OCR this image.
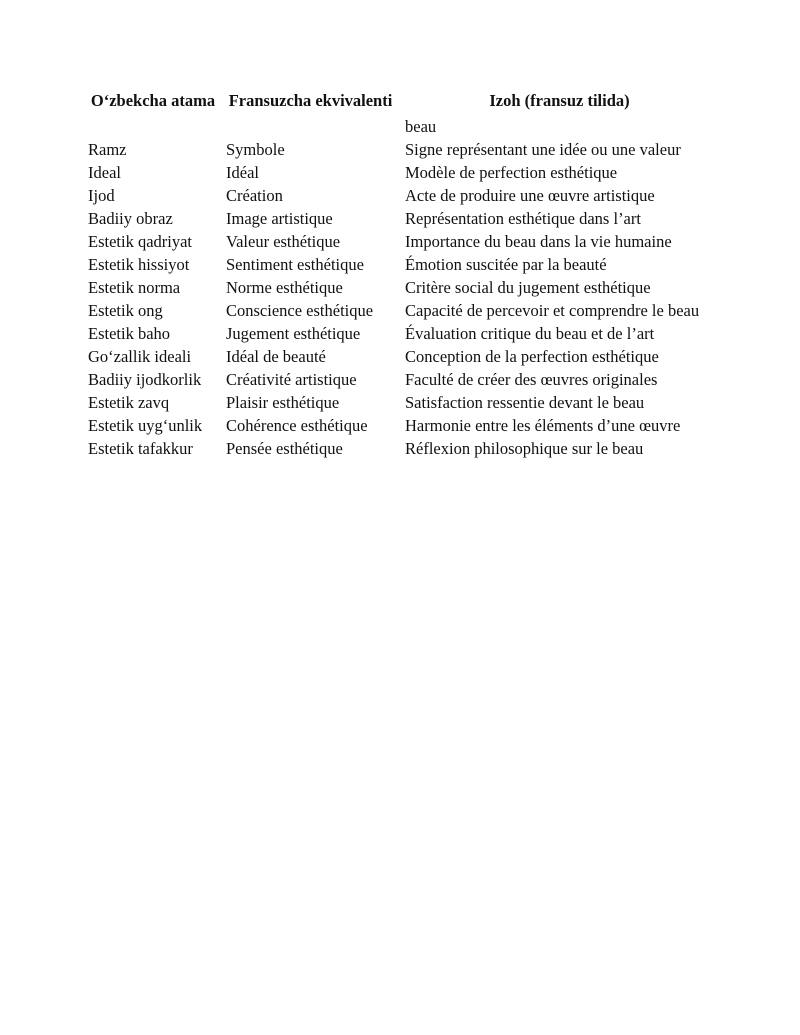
O‘zbekcha atama	Fransuzcha ekvivalenti	Izoh (fransuz tilida)
		beau
Ramz	Symbole	Signe représentant une idée ou une valeur
Ideal	Idéal	Modèle de perfection esthétique
Ijod	Création	Acte de produire une œuvre artistique
Badiiy obraz	Image artistique	Représentation esthétique dans l’art
Estetik qadriyat	Valeur esthétique	Importance du beau dans la vie humaine
Estetik hissiyot	Sentiment esthétique	Émotion suscitée par la beauté
Estetik norma	Norme esthétique	Critère social du jugement esthétique
Estetik ong	Conscience esthétique	Capacité de percevoir et comprendre le beau
Estetik baho	Jugement esthétique	Évaluation critique du beau et de l’art
Go‘zallik ideali	Idéal de beauté	Conception de la perfection esthétique
Badiiy ijodkorlik	Créativité artistique	Faculté de créer des œuvres originales
Estetik zavq	Plaisir esthétique	Satisfaction ressentie devant le beau
Estetik uyg‘unlik	Cohérence esthétique	Harmonie entre les éléments d’une œuvre
Estetik tafakkur	Pensée esthétique	Réflexion philosophique sur le beau
